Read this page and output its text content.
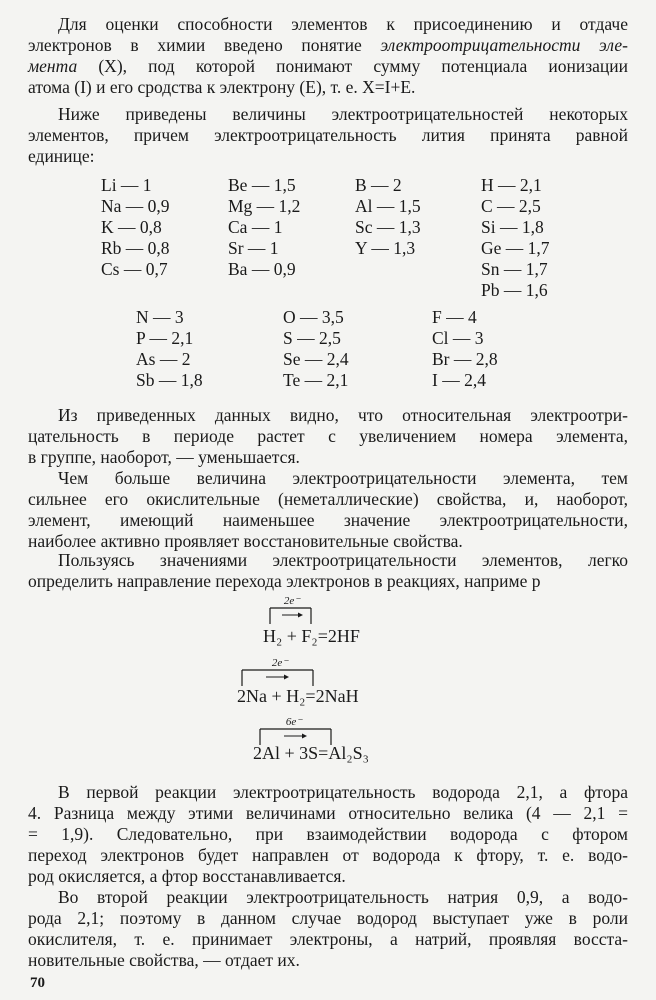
Для оценки способности элементов к присоединению и отдаче
электронов в химии введено понятие электроотрицательности эле-
мента (X), под которой понимают сумму потенциала ионизации
атома (I) и его сродства к электрону (E), т. е. X=I+E.
Ниже приведены величины электроотрицательностей некоторых
элементов, причем электроотрицательность лития принята равной
единице:
Li — 1
Na — 0,9
K — 0,8
Rb — 0,8
Cs — 0,7
Be — 1,5
Mg — 1,2
Ca — 1
Sr — 1
Ba — 0,9
B — 2
Al — 1,5
Sc — 1,3
Y — 1,3
H — 2,1
C — 2,5
Si — 1,8
Ge — 1,7
Sn — 1,7
Pb — 1,6
N — 3
P — 2,1
As — 2
Sb — 1,8
O — 3,5
S — 2,5
Se — 2,4
Te — 2,1
F — 4
Cl — 3
Br — 2,8
I — 2,4
Из приведенных данных видно, что относительная электроотри-
цательность в периоде растет с увеличением номера элемента,
в группе, наоборот, — уменьшается.
Чем больше величина электроотрицательности элемента, тем
сильнее его окислительные (неметаллические) свойства, и, наоборот,
элемент, имеющий наименьшее значение электроотрицательности,
наиболее активно проявляет восстановительные свойства.
Пользуясь значениями электроотрицательности элементов, легко
определить направление перехода электронов в реакциях, наприме р
2e⁻
H₂ + F₂=2HF
2e⁻
2Na + H₂=2NaH
6e⁻
2Al + 3S=Al₂S₃
В первой реакции электроотрицательность водорода 2,1, а фтора
4. Разница между этими величинами относительно велика (4 — 2,1 =
= 1,9). Следовательно, при взаимодействии водорода с фтором
переход электронов будет направлен от водорода к фтору, т. е. водо-
род окисляется, а фтор восстанавливается.
Во второй реакции электроотрицательность натрия 0,9, а водо-
рода 2,1; поэтому в данном случае водород выступает уже в роли
окислителя, т. е. принимает электроны, а натрий, проявляя восста-
новительные свойства, — отдает их.
70
